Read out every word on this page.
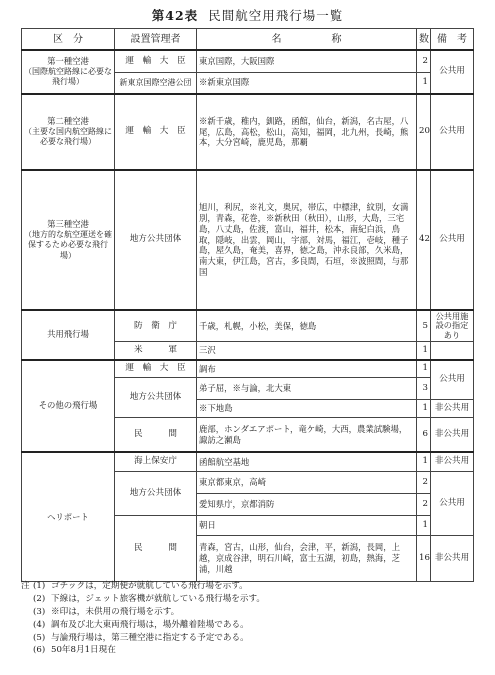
第42表 民間航空用飛行場一覧
区　分	設置管理者	名　　　　　称	数	備　考
第一種空港
（国際航空路線に必要な飛行場）	運　輸　大　臣	東京国際，大阪国際	2	公共用
	新東京国際空港公団	※新東京国際	1	
第二種空港
（主要な国内航空路線に必要な飛行場）	運　輸　大　臣	※新千歳，稚内，釧路，函館，仙台，新潟，名古屋，八尾，広島，高松，松山，高知，福岡，北九州，長崎，熊本，大分宮崎，鹿児島，那覇	20	公共用
第三種空港
（地方的な航空運送を確保するため必要な飛行場）	地方公共団体	旭川，利尻，※礼文，奥尻，帯広，中標津，紋別，女満別，青森，花巻，※新秋田（秋田），山形，大島，三宅島，八丈島，佐渡，富山，福井，松本，南紀白浜，鳥取，隠岐，出雲，岡山，宇部，対馬，福江，壱岐，種子島，屋久島，奄美，喜界，徳之島，沖永良部，久米島，南大東，伊江島，宮古，多良間，石垣，※波照間，与那国	42	公共用
共用飛行場	防　衛　庁	千歳，札幌，小松，美保，徳島	5	公共用施設の指定あり
	米　　　軍	三沢	1	
その他の飛行場	運　輸　大　臣	調布	1	公共用
	地方公共団体	弟子屈，※与論，北大東	3	
		※下地島	1	非公共用
	民　　　間	鹿部，ホンダエアポート，竜ケ崎，大西，農業試験場，諏訪之瀬島	6	非公共用
ヘリポート	海上保安庁	函館航空基地	1	非公共用
	地方公共団体	東京都東京，高崎	2	公共用
		愛知県庁，京都消防	2	
	民　　　間	朝日	1	
		青森，宮古，山形，仙台，会津，平，新潟，長岡，上越，京成谷津，明石川崎，富士五湖，初島，熱海，芝浦，川越	16	非公共用
注 (1) ゴチックは，定期便が就航している飛行場を示す。
(2) 下線は，ジェット旅客機が就航している飛行場を示す。
(3) ※印は，未供用の飛行場を示す。
(4) 調布及び北大東両飛行場は，場外離着陸場である。
(5) 与論飛行場は，第三種空港に指定する予定である。
(6) 50年8月1日現在
